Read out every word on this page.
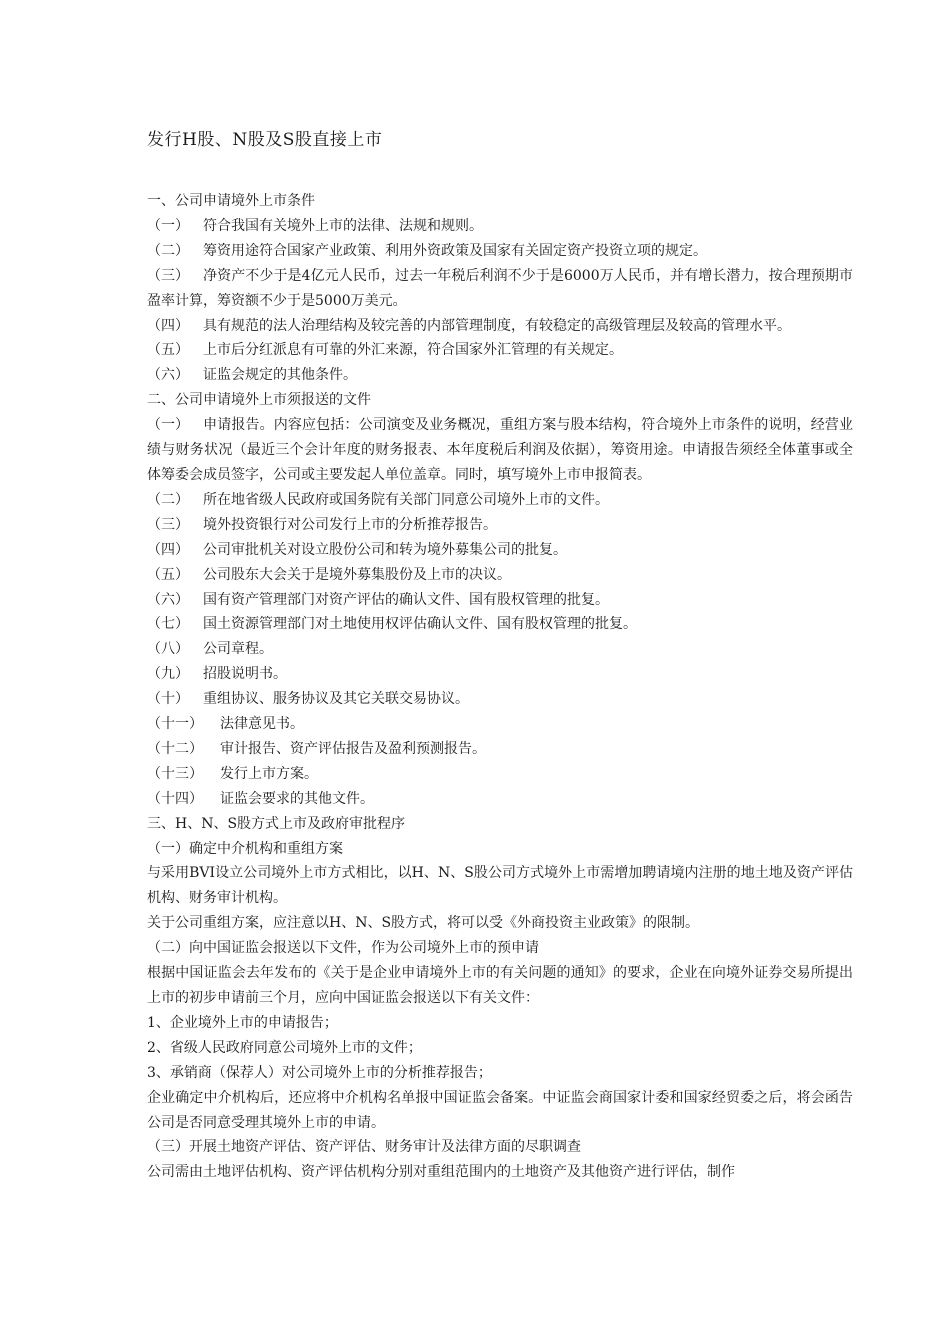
发行H股、N股及S股直接上市
一、公司申请境外上市条件
（一） 符合我国有关境外上市的法律、法规和规则。
（二） 筹资用途符合国家产业政策、利用外资政策及国家有关固定资产投资立项的规定。
（三） 净资产不少于是4亿元人民币，过去一年税后利润不少于是6000万人民币，并有增长潜力，按合理预期市盈率计算，筹资额不少于是5000万美元。
（四） 具有规范的法人治理结构及较完善的内部管理制度，有较稳定的高级管理层及较高的管理水平。
（五） 上市后分红派息有可靠的外汇来源，符合国家外汇管理的有关规定。
（六） 证监会规定的其他条件。
二、公司申请境外上市须报送的文件
（一） 申请报告。内容应包括：公司演变及业务概况，重组方案与股本结构，符合境外上市条件的说明，经营业绩与财务状况（最近三个会计年度的财务报表、本年度税后利润及依据），筹资用途。申请报告须经全体董事或全体筹委会成员签字，公司或主要发起人单位盖章。同时，填写境外上市申报简表。
（二） 所在地省级人民政府或国务院有关部门同意公司境外上市的文件。
（三） 境外投资银行对公司发行上市的分析推荐报告。
（四） 公司审批机关对设立股份公司和转为境外募集公司的批复。
（五） 公司股东大会关于是境外募集股份及上市的决议。
（六） 国有资产管理部门对资产评估的确认文件、国有股权管理的批复。
（七） 国土资源管理部门对土地使用权评估确认文件、国有股权管理的批复。
（八） 公司章程。
（九） 招股说明书。
（十） 重组协议、服务协议及其它关联交易协议。
（十一） 法律意见书。
（十二） 审计报告、资产评估报告及盈利预测报告。
（十三） 发行上市方案。
（十四） 证监会要求的其他文件。
三、H、N、S股方式上市及政府审批程序
（一）确定中介机构和重组方案
与采用BVI设立公司境外上市方式相比，以H、N、S股公司方式境外上市需增加聘请境内注册的地土地及资产评估机构、财务审计机构。
关于公司重组方案，应注意以H、N、S股方式，将可以受《外商投资主业政策》的限制。
（二）向中国证监会报送以下文件，作为公司境外上市的预申请
根据中国证监会去年发布的《关于是企业申请境外上市的有关问题的通知》的要求，企业在向境外证券交易所提出上市的初步申请前三个月，应向中国证监会报送以下有关文件：
1、企业境外上市的申请报告；
2、省级人民政府同意公司境外上市的文件；
3、承销商（保荐人）对公司境外上市的分析推荐报告；
企业确定中介机构后，还应将中介机构名单报中国证监会备案。中证监会商国家计委和国家经贸委之后，将会函告公司是否同意受理其境外上市的申请。
（三）开展土地资产评估、资产评估、财务审计及法律方面的尽职调查
公司需由土地评估机构、资产评估机构分别对重组范围内的土地资产及其他资产进行评估，制作
